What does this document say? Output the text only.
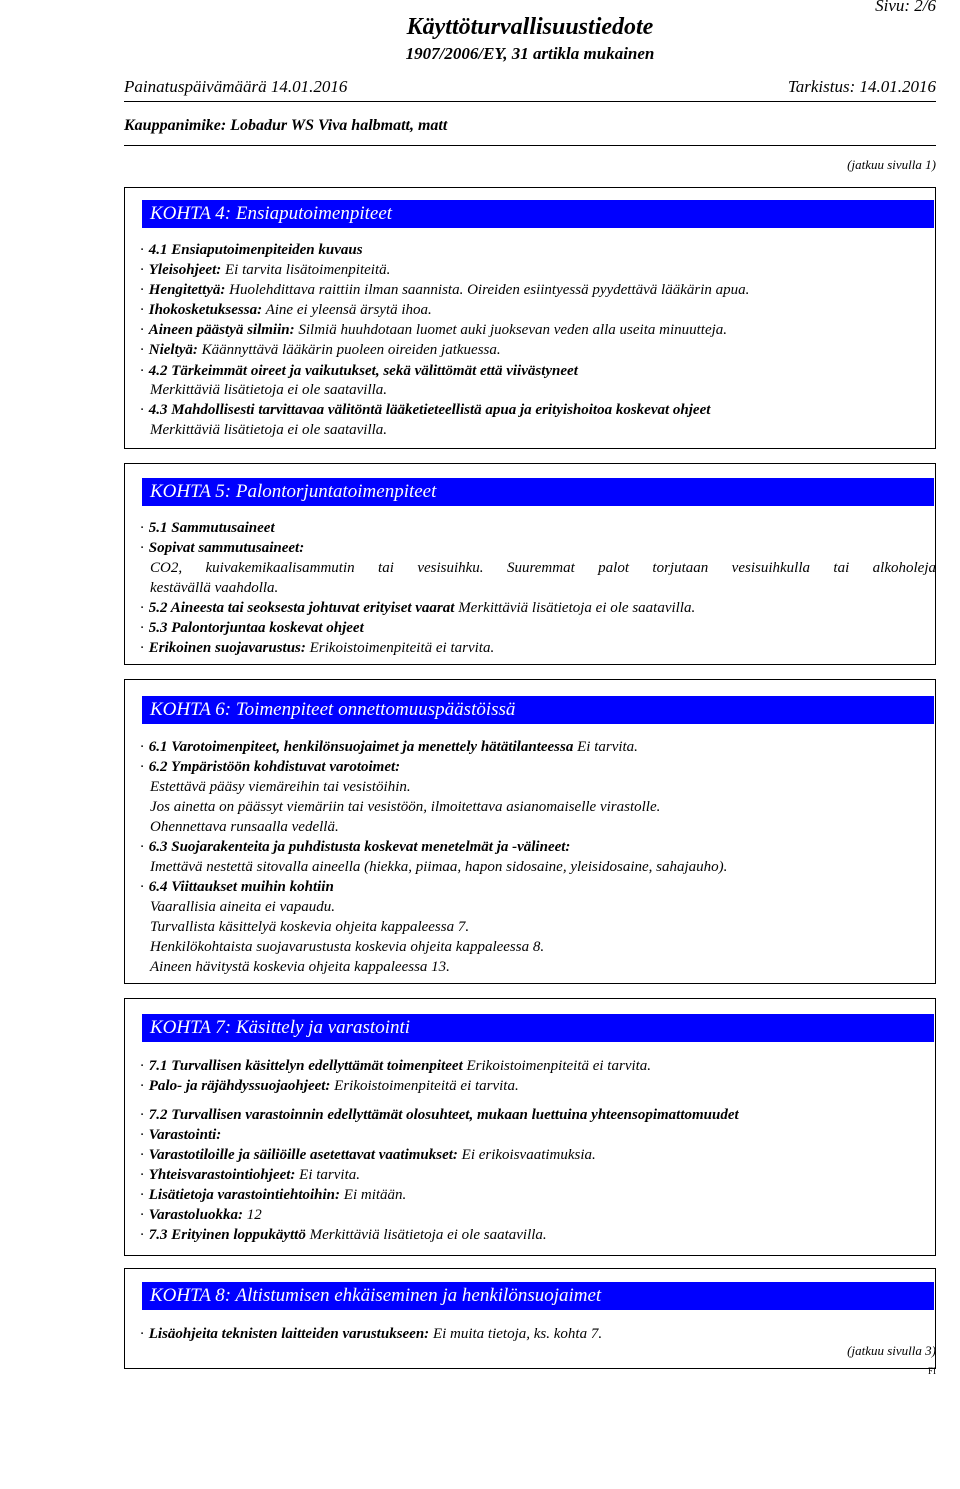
Sivu: 2/6
Käyttöturvallisuustiedote
1907/2006/EY, 31 artikla mukainen
Painatuspäivämäärä 14.01.2016	Tarkistus: 14.01.2016
Kauppanimike: Lobadur WS Viva halbmatt, matt
(jatkuu sivulla 1)
KOHTA 4: Ensiaputoimenpiteet
· 4.1 Ensiaputoimenpiteiden kuvaus
· Yleisohjeet: Ei tarvita lisätoimenpiteitä.
· Hengitettyä: Huolehdittava raittiin ilman saannista. Oireiden esiintyessä pyydettävä lääkärin apua.
· Ihokosketuksessa: Aine ei yleensä ärsytä ihoa.
· Aineen päästyä silmiin: Silmiä huuhdotaan luomet auki juoksevan veden alla useita minuutteja.
· Nieltyä: Käännyttävä lääkärin puoleen oireiden jatkuessa.
· 4.2 Tärkeimmät oireet ja vaikutukset, sekä välittömät että viivästyneet
Merkittäviä lisätietoja ei ole saatavilla.
· 4.3 Mahdollisesti tarvittavaa välitöntä lääketieteellistä apua ja erityishoitoa koskevat ohjeet
Merkittäviä lisätietoja ei ole saatavilla.
KOHTA 5: Palontorjuntatoimenpiteet
· 5.1 Sammutusaineet
· Sopivat sammutusaineet:
CO2, kuivakemikaalisammutin tai vesisuihku. Suuremmat palot torjutaan vesisuihkulla tai alkoholeja
kestävällä vaahdolla.
· 5.2 Aineesta tai seoksesta johtuvat erityiset vaarat Merkittäviä lisätietoja ei ole saatavilla.
· 5.3 Palontorjuntaa koskevat ohjeet
· Erikoinen suojavarustus: Erikoistoimenpiteitä ei tarvita.
KOHTA 6: Toimenpiteet onnettomuuspäästöissä
· 6.1 Varotoimenpiteet, henkilönsuojaimet ja menettely hätätilanteessa Ei tarvita.
· 6.2 Ympäristöön kohdistuvat varotoimet:
Estettävä pääsy viemäreihin tai vesistöihin.
Jos ainetta on päässyt viemäriin tai vesistöön, ilmoitettava asianomaiselle virastolle.
Ohennettava runsaalla vedellä.
· 6.3 Suojarakenteita ja puhdistusta koskevat menetelmät ja -välineet:
Imettävä nestettä sitovalla aineella (hiekka, piimaa, hapon sidosaine, yleisidosaine, sahajauho).
· 6.4 Viittaukset muihin kohtiin
Vaarallisia aineita ei vapaudu.
Turvallista käsittelyä koskevia ohjeita kappaleessa 7.
Henkilökohtaista suojavarustusta koskevia ohjeita kappaleessa 8.
Aineen hävitystä koskevia ohjeita kappaleessa 13.
KOHTA 7: Käsittely ja varastointi
· 7.1 Turvallisen käsittelyn edellyttämät toimenpiteet Erikoistoimenpiteitä ei tarvita.
· Palo- ja räjähdyssuojaohjeet: Erikoistoimenpiteitä ei tarvita.
· 7.2 Turvallisen varastoinnin edellyttämät olosuhteet, mukaan luettuina yhteensopimattomuudet
· Varastointi:
· Varastotiloille ja säiliöille asetettavat vaatimukset: Ei erikoisvaatimuksia.
· Yhteisvarastointiohjeet: Ei tarvita.
· Lisätietoja varastointiehtoihin: Ei mitään.
· Varastoluokka: 12
· 7.3 Erityinen loppukäyttö Merkittäviä lisätietoja ei ole saatavilla.
KOHTA 8: Altistumisen ehkäiseminen ja henkilönsuojaimet
· Lisäohjeita teknisten laitteiden varustukseen: Ei muita tietoja, ks. kohta 7.
(jatkuu sivulla 3)
FI
